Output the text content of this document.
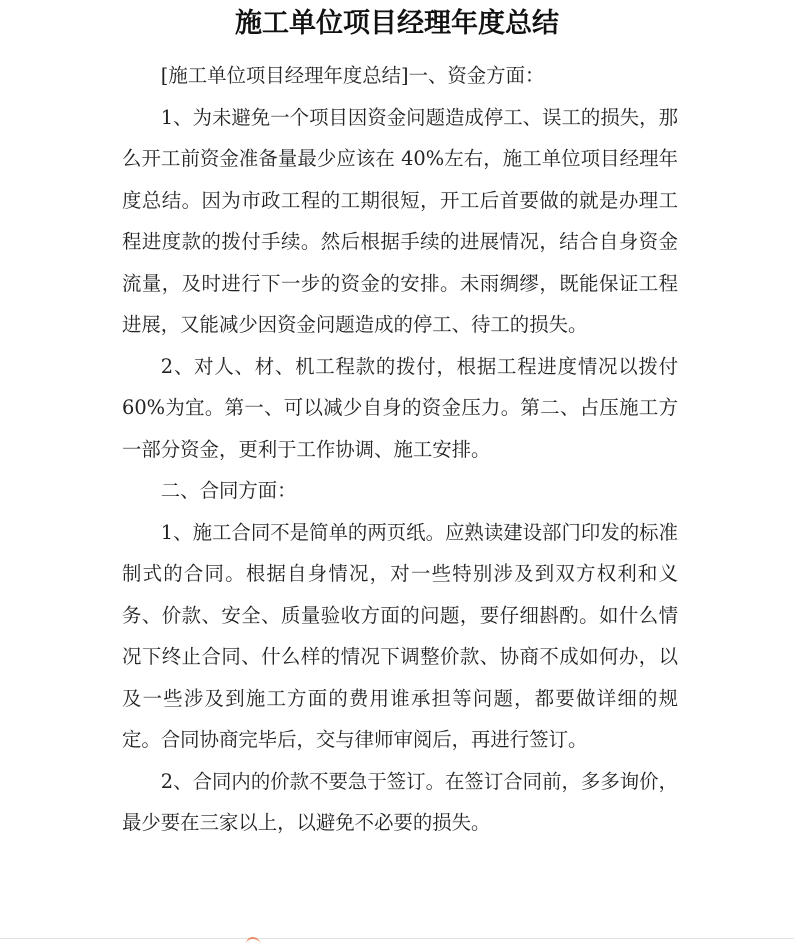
施工单位项目经理年度总结

[施工单位项目经理年度总结]一、资金方面：

1、为未避免一个项目因资金问题造成停工、误工的损失，那么开工前资金准备量最少应该在 40%左右，施工单位项目经理年度总结。因为市政工程的工期很短，开工后首要做的就是办理工程进度款的拨付手续。然后根据手续的进展情况，结合自身资金流量，及时进行下一步的资金的安排。未雨绸缪，既能保证工程进展，又能减少因资金问题造成的停工、待工的损失。

2、对人、材、机工程款的拨付，根据工程进度情况以拨付 60%为宜。第一、可以减少自身的资金压力。第二、占压施工方一部分资金，更利于工作协调、施工安排。

二、合同方面：

1、施工合同不是简单的两页纸。应熟读建设部门印发的标准制式的合同。根据自身情况，对一些特别涉及到双方权利和义务、价款、安全、质量验收方面的问题，要仔细斟酌。如什么情况下终止合同、什么样的情况下调整价款、协商不成如何办，以及一些涉及到施工方面的费用谁承担等问题，都要做详细的规定。合同协商完毕后，交与律师审阅后，再进行签订。

2、合同内的价款不要急于签订。在签订合同前，多多询价，最少要在三家以上，以避免不必要的损失。
